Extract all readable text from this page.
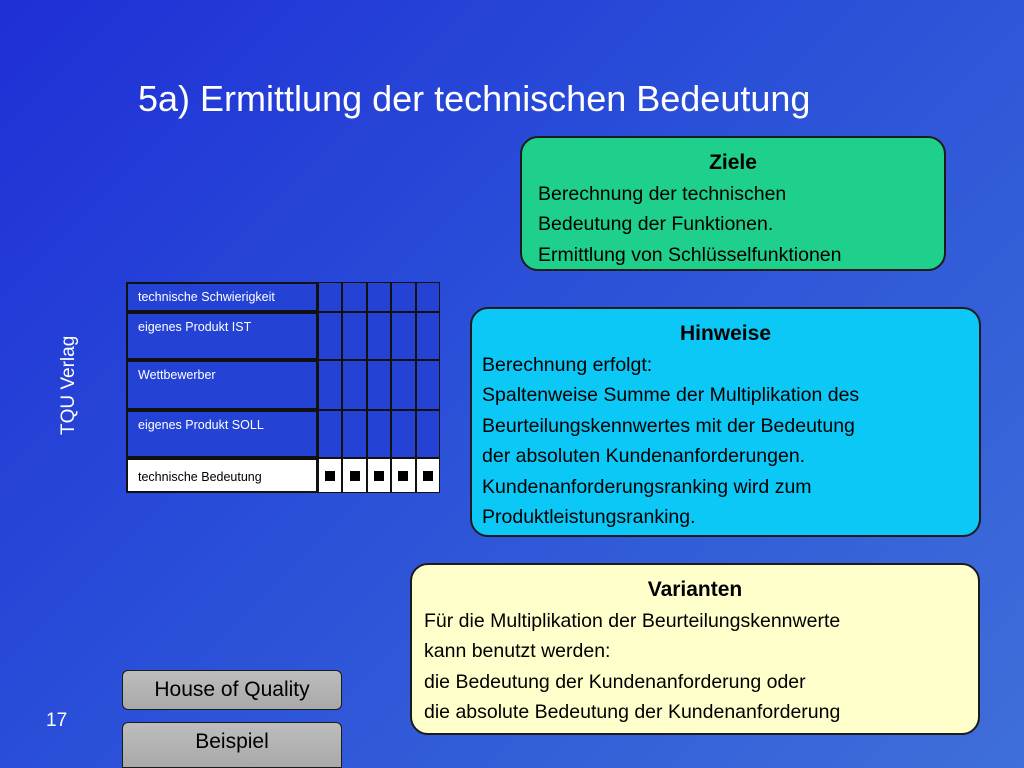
5a) Ermittlung der technischen Bedeutung
TQU Verlag
17
technische Schwierigkeit
eigenes Produkt IST
Wettbewerber
eigenes Produkt SOLL
technische Bedeutung
Ziele
Berechnung der technischen
Bedeutung der Funktionen.
Ermittlung von Schlüsselfunktionen
Hinweise
Berechnung erfolgt:
Spaltenweise Summe der Multiplikation des
Beurteilungskennwertes mit der Bedeutung
der absoluten Kundenanforderungen.
Kundenanforderungsranking wird zum
Produktleistungsranking.
Varianten
Für die Multiplikation der Beurteilungskennwerte
kann benutzt werden:
die Bedeutung der Kundenanforderung oder
die absolute Bedeutung der Kundenanforderung
House of Quality
Beispiel
